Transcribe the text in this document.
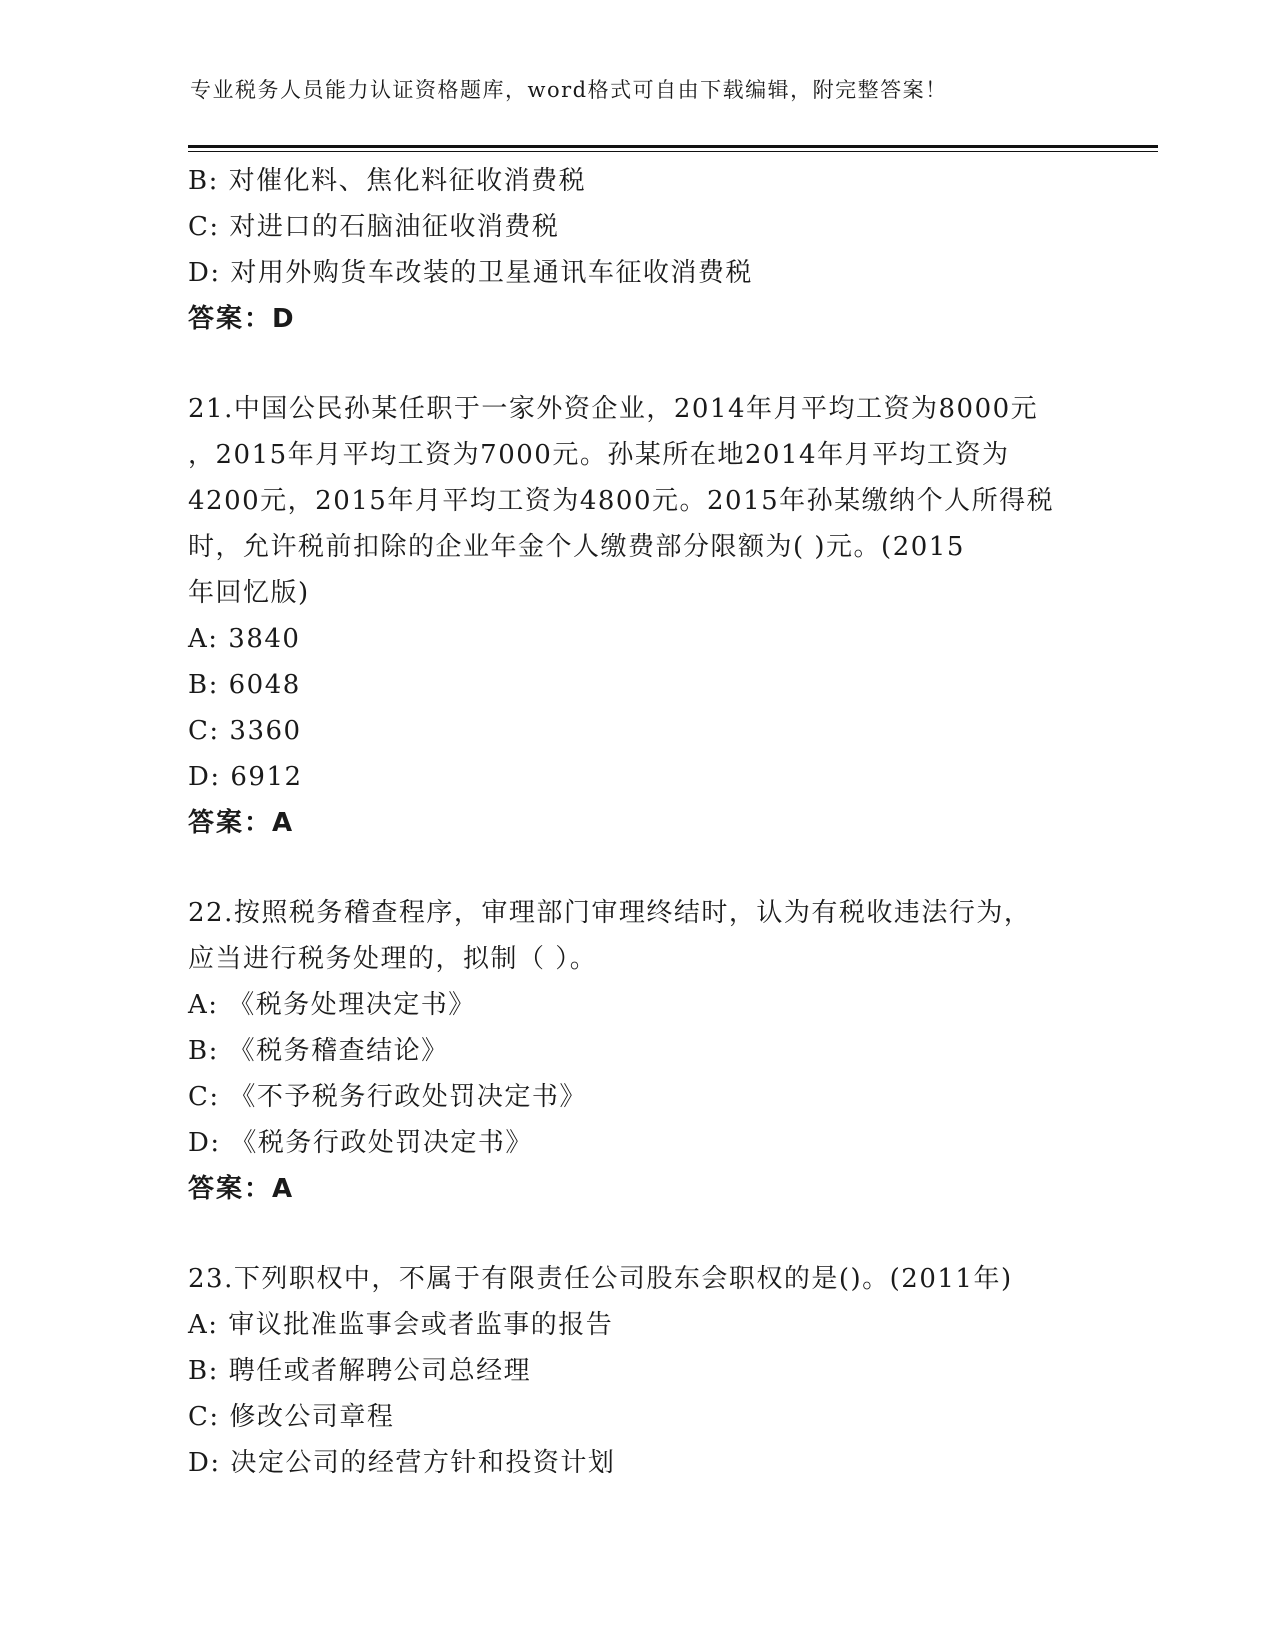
专业税务人员能力认证资格题库，word格式可自由下载编辑，附完整答案！
B: 对催化料、焦化料征收消费税
C: 对进口的石脑油征收消费税
D: 对用外购货车改装的卫星通讯车征收消费税
答案：D
21.中国公民孙某任职于一家外资企业，2014年月平均工资为8000元
，2015年月平均工资为7000元。孙某所在地2014年月平均工资为
4200元，2015年月平均工资为4800元。2015年孙某缴纳个人所得税
时，允许税前扣除的企业年金个人缴费部分限额为( )元。(2015
年回忆版)
A: 3840
B: 6048
C: 3360
D: 6912
答案：A
22.按照税务稽查程序，审理部门审理终结时，认为有税收违法行为，
应当进行税务处理的，拟制（ ）。
A: 《税务处理决定书》
B: 《税务稽查结论》
C: 《不予税务行政处罚决定书》
D: 《税务行政处罚决定书》
答案：A
23.下列职权中，不属于有限责任公司股东会职权的是()。(2011年)
A: 审议批准监事会或者监事的报告
B: 聘任或者解聘公司总经理
C: 修改公司章程
D: 决定公司的经营方针和投资计划
